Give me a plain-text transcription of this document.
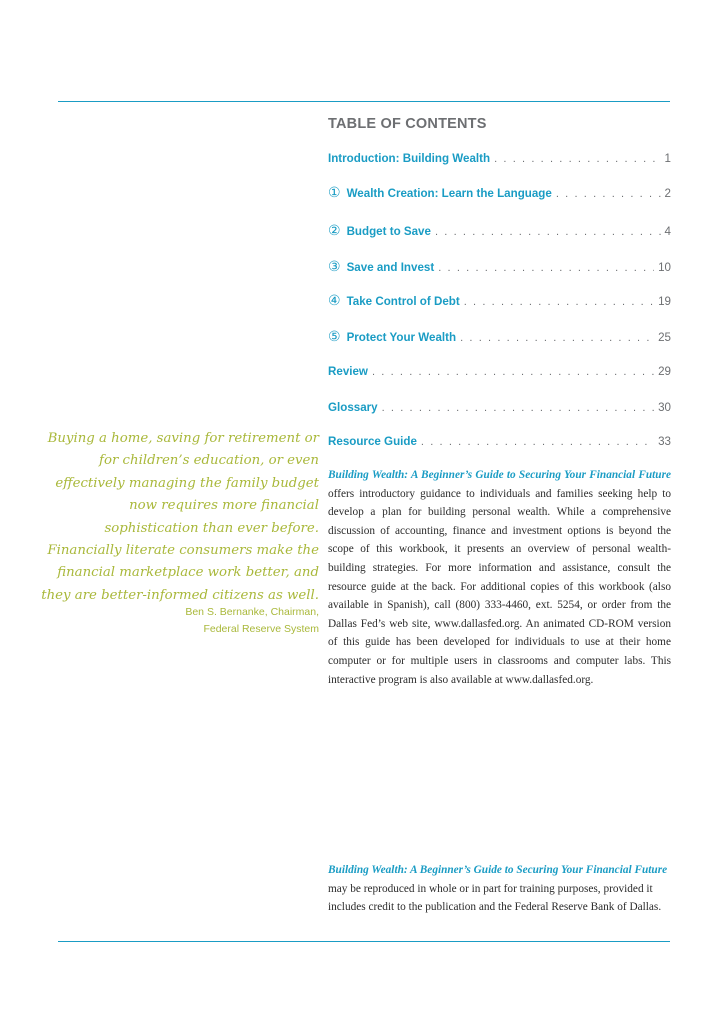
TABLE OF CONTENTS
Introduction: Building Wealth . . .	1
① Wealth Creation: Learn the Language . . .	2
② Budget to Save . . .	4
③ Save and Invest . . .	10
④ Take Control of Debt . . .	19
⑤ Protect Your Wealth . . .	25
Review . . .	29
Glossary . . .	30
Resource Guide . . .	33

Buying a home, saving for retirement or for children’s education, or even effectively managing the family budget now requires more financial sophistication than ever before. Financially literate consumers make the financial marketplace work better, and they are better-informed citizens as well.

Ben S. Bernanke, Chairman,
Federal Reserve System

Building Wealth: A Beginner’s Guide to Securing Your Financial Future offers introductory guidance to individuals and families seeking help to develop a plan for building personal wealth. While a comprehensive discussion of accounting, finance and investment options is beyond the scope of this workbook, it presents an overview of personal wealth-building strategies. For more information and assistance, consult the resource guide at the back. For additional copies of this workbook (also available in Spanish), call (800) 333-4460, ext. 5254, or order from the Dallas Fed’s web site, www.dallasfed.org. An animated CD-ROM version of this guide has been developed for individuals to use at their home computer or for multiple users in classrooms and computer labs. This interactive program is also available at www.dallasfed.org.

Building Wealth: A Beginner’s Guide to Securing Your Financial Future may be reproduced in whole or in part for training purposes, provided it includes credit to the publication and the Federal Reserve Bank of Dallas.
